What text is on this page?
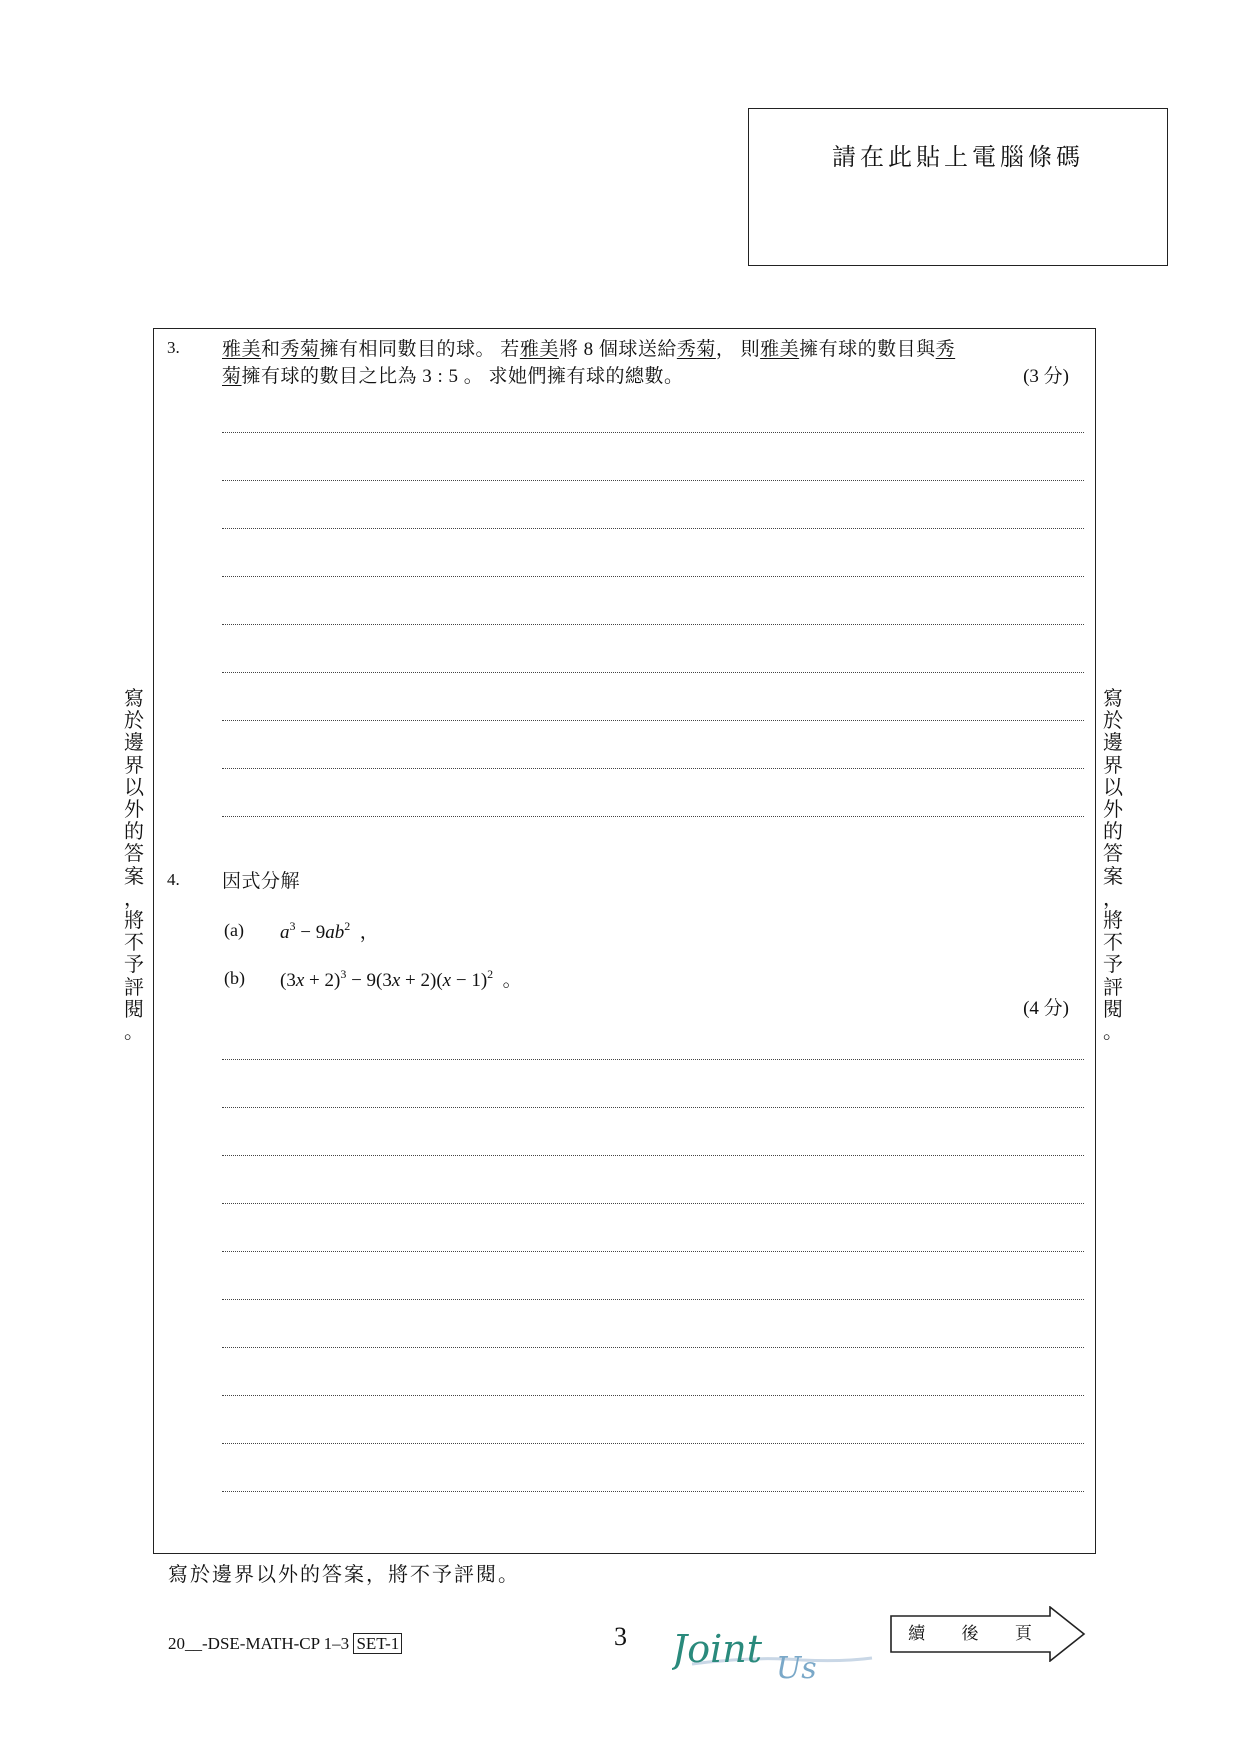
請在此貼上電腦條碼
寫
於
邊
界
以
外
的
答
案
，
將
不
予
評
閱
。
寫
於
邊
界
以
外
的
答
案
，
將
不
予
評
閱
。
3. 雅美和秀菊擁有相同數目的球。 若雅美將 8 個球送給秀菊， 則雅美擁有球的數目與秀
菊擁有球的數目之比為 3 : 5 。 求她們擁有球的總數。	(3 分)
4. 因式分解
(a) $a^3 - 9ab^2$  ，
(b) $(3x + 2)^3 - 9(3x + 2)(x - 1)^2$  。
(4 分)
寫於邊界以外的答案，將不予評閱。
20__-DSE-MATH-CP 1–3 SET-1	3 Joint Us
續 後 頁
